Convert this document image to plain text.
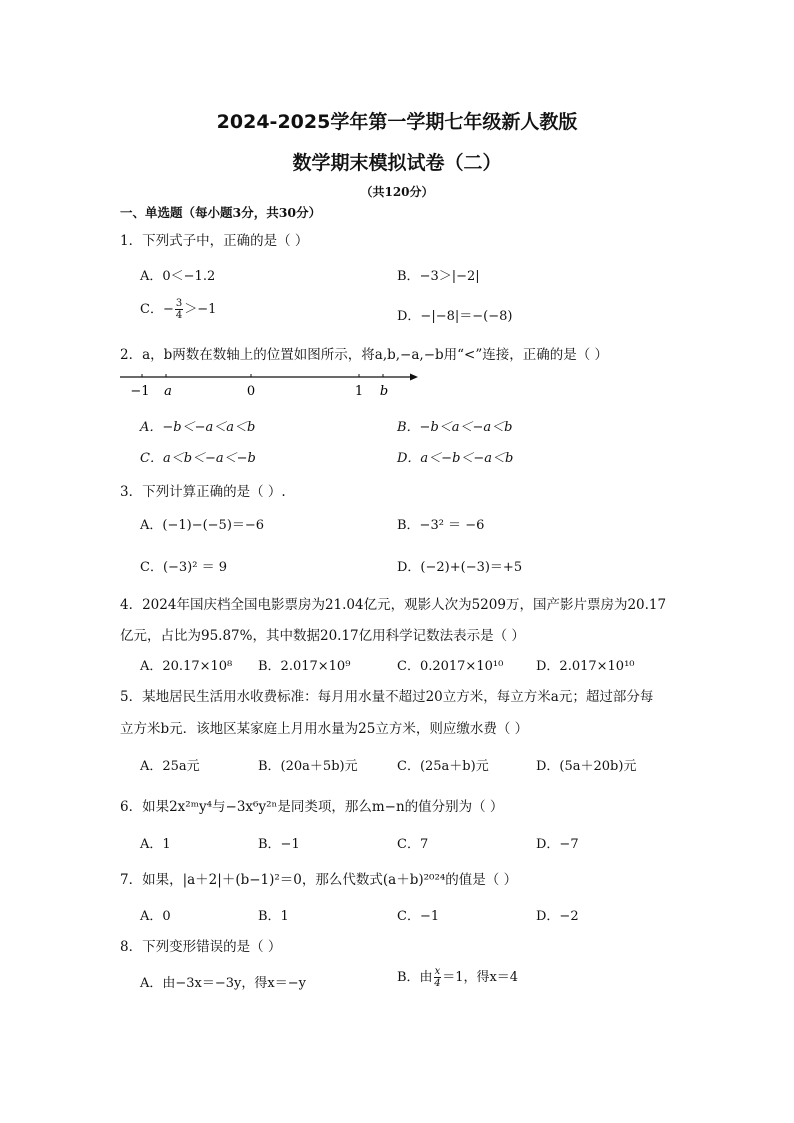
2024-2025学年第一学期七年级新人教版
数学期末模拟试卷（二）
（共120分）
一、单选题（每小题3分，共30分）
1．下列式子中，正确的是（ ）
A．0＜−1.2	B．−3＞|−2|
C．− $\frac{3}{4} >-1$	D．−|−8|＝−(−8)
2．a，b两数在数轴上的位置如图所示，将a,b,−a,−b用“<”连接，正确的是（ ）
−1 a	0	1 b
A．−b＜−a＜a＜b	B．−b＜a＜−a＜b
C．a＜b＜−a＜−b	D．a＜−b＜−a＜b
3．下列计算正确的是（ ）.
A．(−1)−(−5)＝−6	B．−3² ＝ −6
C．(−3)² ＝ 9	D．(−2)+(−3)＝+5
4．2024年国庆档全国电影票房为21.04亿元，观影人次为5209万，国产影片票房为20.17
亿元，占比为95.87%，其中数据20.17亿用科学记数法表示是（ ）
A．20.17×10⁸ B．2.017×10⁹	C．0.2017×10¹⁰	D．2.017×10¹⁰
5．某地居民生活用水收费标准：每月用水量不超过20立方米，每立方米a元；超过部分每
立方米b元．该地区某家庭上月用水量为25立方米，则应缴水费（ ）
A．25a元	B．(20a＋5b)元	C．(25a＋b)元	D．(5a＋20b)元
6．如果2x²ᵐy⁴与−3x⁶y²ⁿ是同类项，那么m−n的值分别为（ ）
A．1	B．−1	C．7	D．−7
7．如果，|a＋2|＋(b−1)²＝0，那么代数式(a＋b)²⁰²⁴的值是（ ）
A．0	B．1	C．−1	D．−2
8．下列变形错误的是（ ）
A．由−3x＝−3y，得x＝−y	B．由 $\frac{x}{4} =1$，得x＝4
